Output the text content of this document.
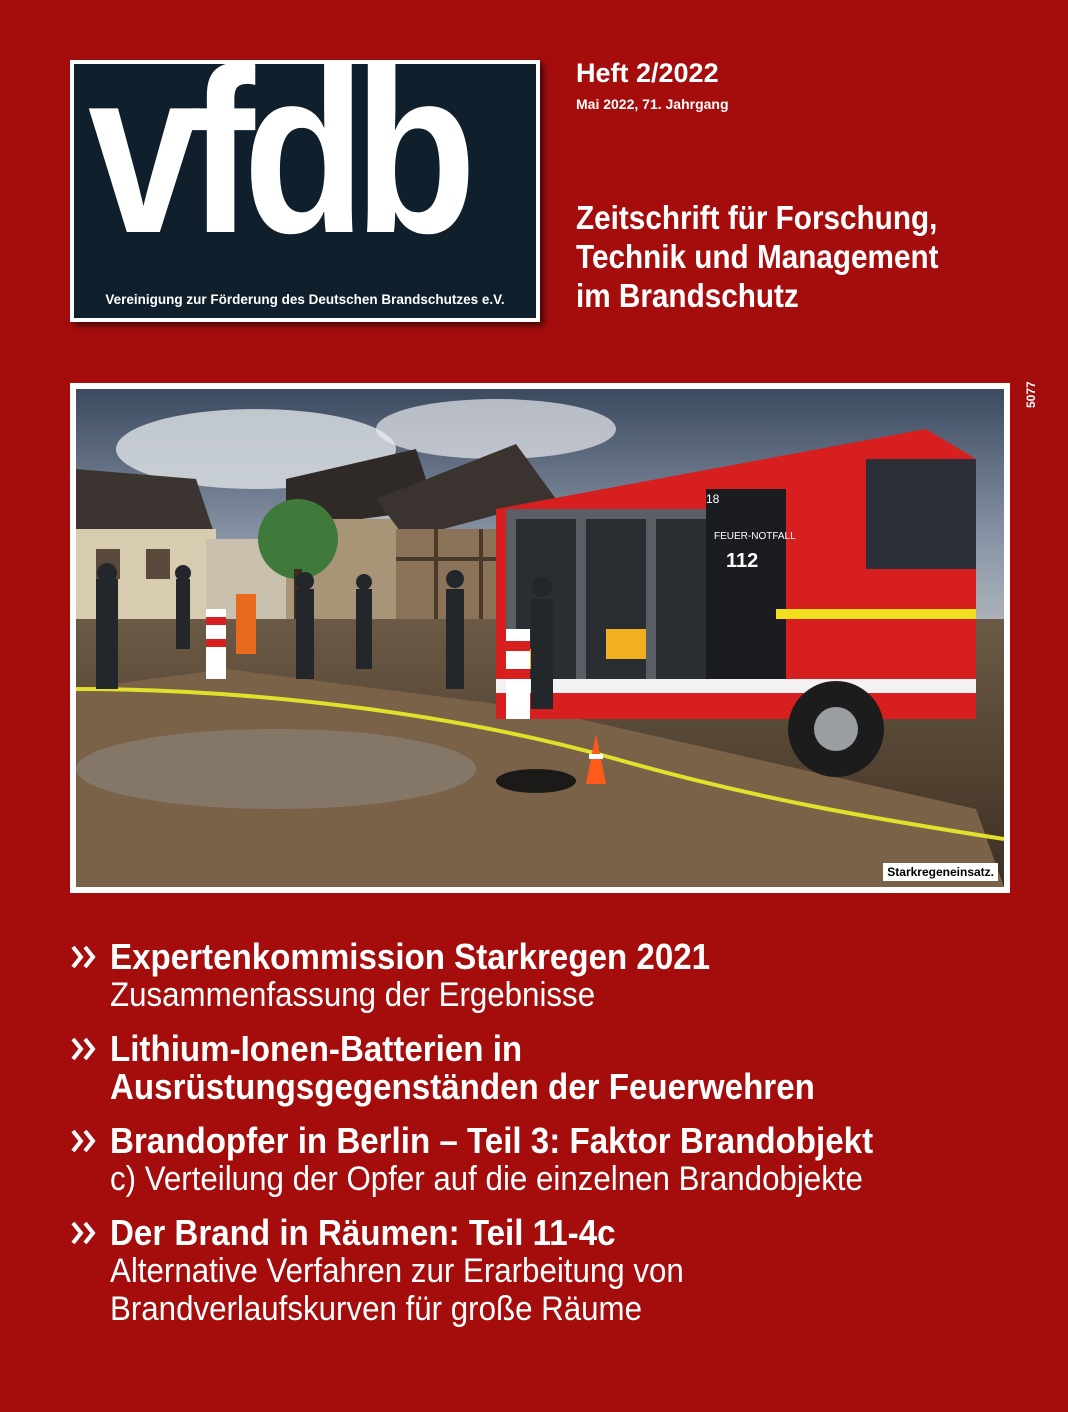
vfdb
Vereinigung zur Förderung des Deutschen Brandschutzes e.V.
Heft 2/2022
Mai 2022, 71. Jahrgang
Zeitschrift für Forschung,
Technik und Management
im Brandschutz
5077
FEUER-NOTFALL
112
18
Starkregeneinsatz.
Expertenkommission Starkregen 2021
Zusammenfassung der Ergebnisse
Lithium-Ionen-Batterien in
Ausrüstungsgegenständen der Feuerwehren
Brandopfer in Berlin – Teil 3: Faktor Brandobjekt
c) Verteilung der Opfer auf die einzelnen Brandobjekte
Der Brand in Räumen: Teil 11-4c
Alternative Verfahren zur Erarbeitung von
Brandverlaufskurven für große Räume
